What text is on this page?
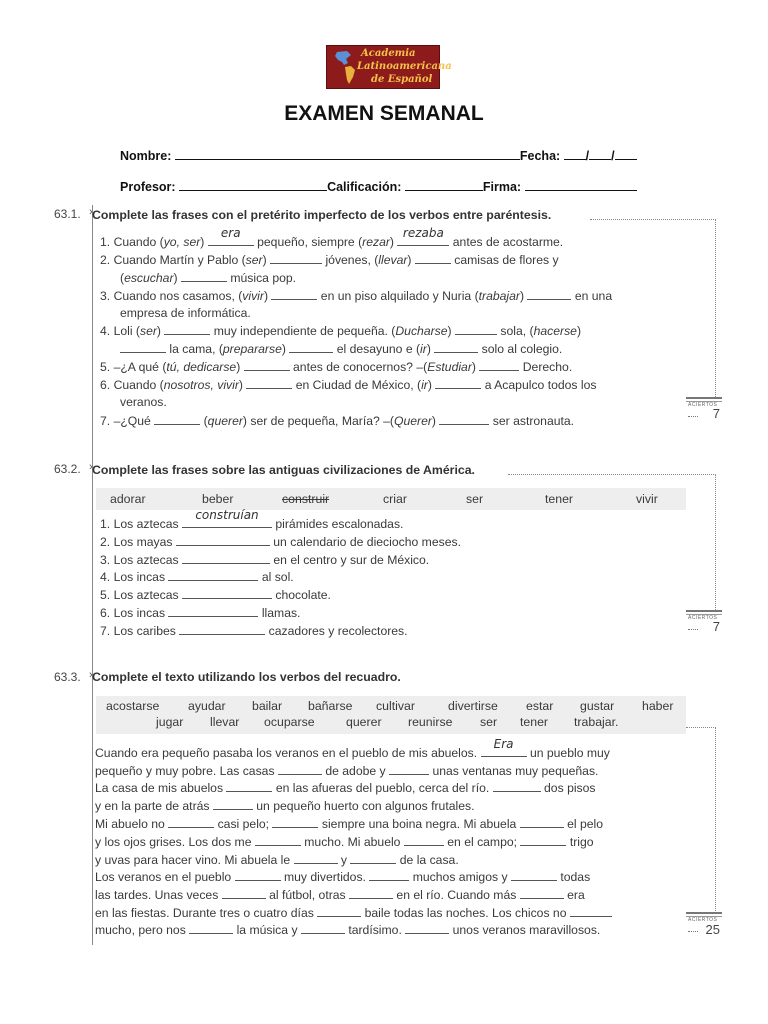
Academia
Latinoamericana
de Español
EXAMEN SEMANAL
Nombre:	Fecha: / /
Profesor:	Calificación:	Firma:
63.1. › Complete las frases con el pretérito imperfecto de los verbos entre paréntesis.
1. Cuando (yo, ser)
era
pequeño, siempre (rezar)
rezaba
antes de acostarme.
2. Cuando Martín y Pablo (ser)	jóvenes, (llevar)	camisas de flores y
(escuchar)	música pop.
3. Cuando nos casamos, (vivir)	en un piso alquilado y Nuria (trabajar)	en una
empresa de informática.
4. Loli (ser)	muy independiente de pequeña. (Ducharse)	sola, (hacerse)
la cama, (prepararse)	el desayuno e (ir)	solo al colegio.
5. –¿A qué (tú, dedicarse)	antes de conocernos? –(Estudiar)	Derecho.
6. Cuando (nosotros, vivir)	en Ciudad de México, (ir)	a Acapulco todos los
veranos.
7. –¿Qué	(querer) ser de pequeña, María? –(Querer)	ser astronauta.
ACIERTOS
7
63.2. › Complete las frases sobre las antiguas civilizaciones de América.
adorar	beber	construir	criar	ser	tener	vivir
1. Los aztecas
construían
pirámides escalonadas.
2. Los mayas	un calendario de dieciocho meses.
3. Los aztecas	en el centro y sur de México.
4. Los incas	al sol.
5. Los aztecas	chocolate.
6. Los incas	llamas.
7. Los caribes	cazadores y recolectores.
ACIERTOS
7
63.3. › Complete el texto utilizando los verbos del recuadro.
acostarse ayudar bailar bañarse cultivar	divertirse estar gustar haber
jugar llevar ocuparse	querer reunirse ser tener trabajar.
Cuando era pequeño pasaba los veranos en el pueblo de mis abuelos.
Era
un pueblo muy
pequeño y muy pobre. Las casas	de adobe y	unas ventanas muy pequeñas.
La casa de mis abuelos	en las afueras del pueblo, cerca del río.	dos pisos
y en la parte de atrás	un pequeño huerto con algunos frutales.
Mi abuelo no	casi pelo;	siempre una boina negra. Mi abuela	el pelo
y los ojos grises. Los dos me	mucho. Mi abuelo	en el campo;	trigo
y uvas para hacer vino. Mi abuela le	y	de la casa.
Los veranos en el pueblo	muy divertidos.	muchos amigos y	todas
las tardes. Unas veces	al fútbol, otras	en el río. Cuando más	era
en las fiestas. Durante tres o cuatro días	baile todas las noches. Los chicos no
mucho, pero nos	la música y	tardísimo.	unos veranos maravillosos.
ACIERTOS
25
